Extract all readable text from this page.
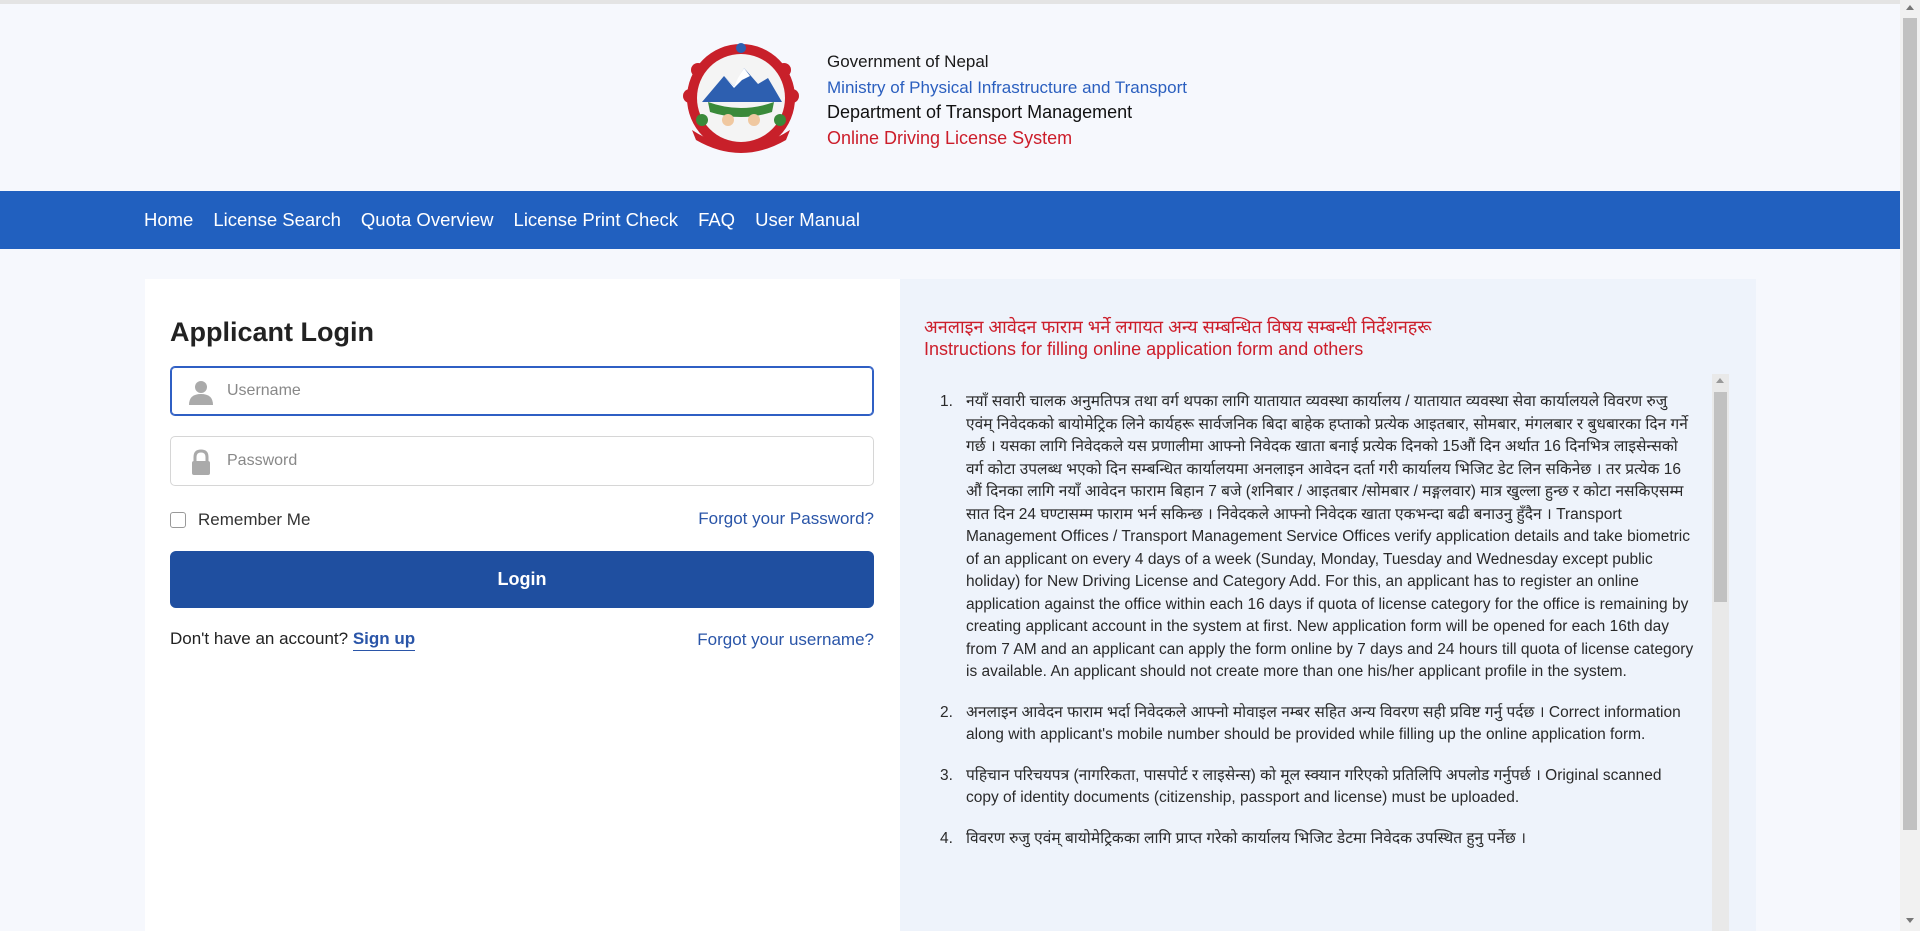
Government of Nepal
Ministry of Physical Infrastructure and Transport
Department of Transport Management
Online Driving License System
Home License Search Quota Overview License Print Check FAQ User Manual
Applicant Login
Username
Remember Me	Forgot your Password?
Login
Don't have an account? Sign up	Forgot your username?
अनलाइन आवेदन फाराम भर्ने लगायत अन्य सम्बन्धित विषय सम्बन्धी निर्देशनहरू
Instructions for filling online application form and others
1. नयाँ सवारी चालक अनुमतिपत्र तथा वर्ग थपका लागि यातायात व्यवस्था कार्यालय / यातायात व्यवस्था सेवा कार्यालयले विवरण रुजु एवंम् निवेदकको बायोमेट्रिक लिने कार्यहरू सार्वजनिक बिदा बाहेक हप्ताको प्रत्येक आइतबार, सोमबार, मंगलबार र बुधबारका दिन गर्ने गर्छ । यसका लागि निवेदकले यस प्रणालीमा आफ्नो निवेदक खाता बनाई प्रत्येक दिनको 15औं दिन अर्थात 16 दिनभित्र लाइसेन्सको वर्ग कोटा उपलब्ध भएको दिन सम्बन्धित कार्यालयमा अनलाइन आवेदन दर्ता गरी कार्यालय भिजिट डेट लिन सकिनेछ । तर प्रत्येक 16 औं दिनका लागि नयाँ आवेदन फाराम बिहान 7 बजे (शनिबार / आइतबार /सोमबार / मङ्गलवार) मात्र खुल्ला हुन्छ र कोटा नसकिएसम्म सात दिन 24 घण्टासम्म फाराम भर्न सकिन्छ । निवेदकले आफ्नो निवेदक खाता एकभन्दा बढी बनाउनु हुँदैन । Transport Management Offices / Transport Management Service Offices verify application details and take biometric of an applicant on every 4 days of a week (Sunday, Monday, Tuesday and Wednesday except public holiday) for New Driving License and Category Add. For this, an applicant has to register an online application against the office within each 16 days if quota of license category for the office is remaining by creating applicant account in the system at first. New application form will be opened for each 16th day from 7 AM and an applicant can apply the form online by 7 days and 24 hours till quota of license category is available. An applicant should not create more than one his/her applicant profile in the system.
2. अनलाइन आवेदन फाराम भर्दा निवेदकले आफ्नो मोवाइल नम्बर सहित अन्य विवरण सही प्रविष्ट गर्नु पर्दछ । Correct information along with applicant's mobile number should be provided while filling up the online application form.
3. पहिचान परिचयपत्र (नागरिकता, पासपोर्ट र लाइसेन्स) को मूल स्क्यान गरिएको प्रतिलिपि अपलोड गर्नुपर्छ । Original scanned copy of identity documents (citizenship, passport and license) must be uploaded.
4. विवरण रुजु एवंम् बायोमेट्रिकका लागि प्राप्त गरेको कार्यालय भिजिट डेटमा निवेदक उपस्थित हुनु पर्नेछ ।
